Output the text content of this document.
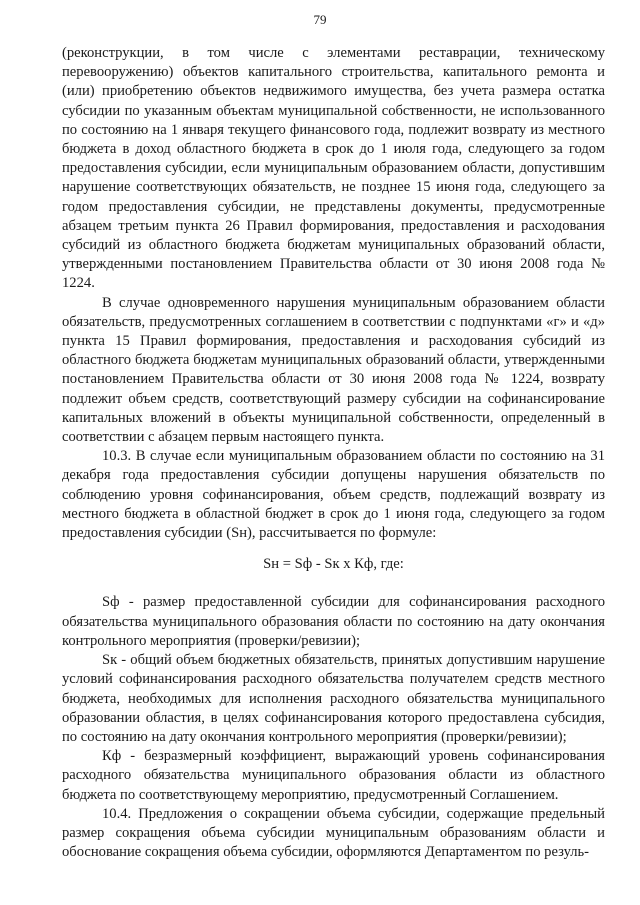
79

(реконструкции, в том числе с элементами реставрации, техническому перевооружению) объектов капитального строительства, капитального ремонта и (или) приобретению объектов недвижимого имущества, без учета размера остатка субсидии по указанным объектам муниципальной собственности, не использованного по состоянию на 1 января текущего финансового года, подлежит возврату из местного бюджета в доход областного бюджета в срок до 1 июля года, следующего за годом предоставления субсидии, если муниципальным образованием области, допустившим нарушение соответствующих обязательств, не позднее 15 июня года, следующего за годом предоставления субсидии, не представлены документы, предусмотренные абзацем третьим пункта 26 Правил формирования, предоставления и расходования субсидий из областного бюджета бюджетам муниципальных образований области, утвержденными постановлением Правительства области от 30 июня 2008 года № 1224.

В случае одновременного нарушения муниципальным образованием области обязательств, предусмотренных соглашением в соответствии с подпунктами «г» и «д» пункта 15 Правил формирования, предоставления и расходования субсидий из областного бюджета бюджетам муниципальных образований области, утвержденными постановлением Правительства области от 30 июня 2008 года № 1224, возврату подлежит объем средств, соответствующий размеру субсидии на софинансирование капитальных вложений в объекты муниципальной собственности, определенный в соответствии с абзацем первым настоящего пункта.

10.3. В случае если муниципальным образованием области по состоянию на 31 декабря года предоставления субсидии допущены нарушения обязательств по соблюдению уровня софинансирования, объем средств, подлежащий возврату из местного бюджета в областной бюджет в срок до 1 июня года, следующего за годом предоставления субсидии (Sн), рассчитывается по формуле:

Sн = Sф - Sк х Кф, где:

Sф - размер предоставленной субсидии для софинансирования расходного обязательства муниципального образования области по состоянию на дату окончания контрольного мероприятия (проверки/ревизии);

Sк - общий объем бюджетных обязательств, принятых допустившим нарушение условий софинансирования расходного обязательства получателем средств местного бюджета, необходимых для исполнения расходного обязательства муниципального образовании областия, в целях софинансирования которого предоставлена субсидия, по состоянию на дату окончания контрольного мероприятия (проверки/ревизии);

Кф - безразмерный коэффициент, выражающий уровень софинансирования расходного обязательства муниципального образования области из областного бюджета по соответствующему мероприятию, предусмотренный Соглашением.

10.4. Предложения о сокращении объема субсидии, содержащие предельный размер сокращения объема субсидии муниципальным образованиям области и обоснование сокращения объема субсидии, оформляются Департаментом по резуль-
